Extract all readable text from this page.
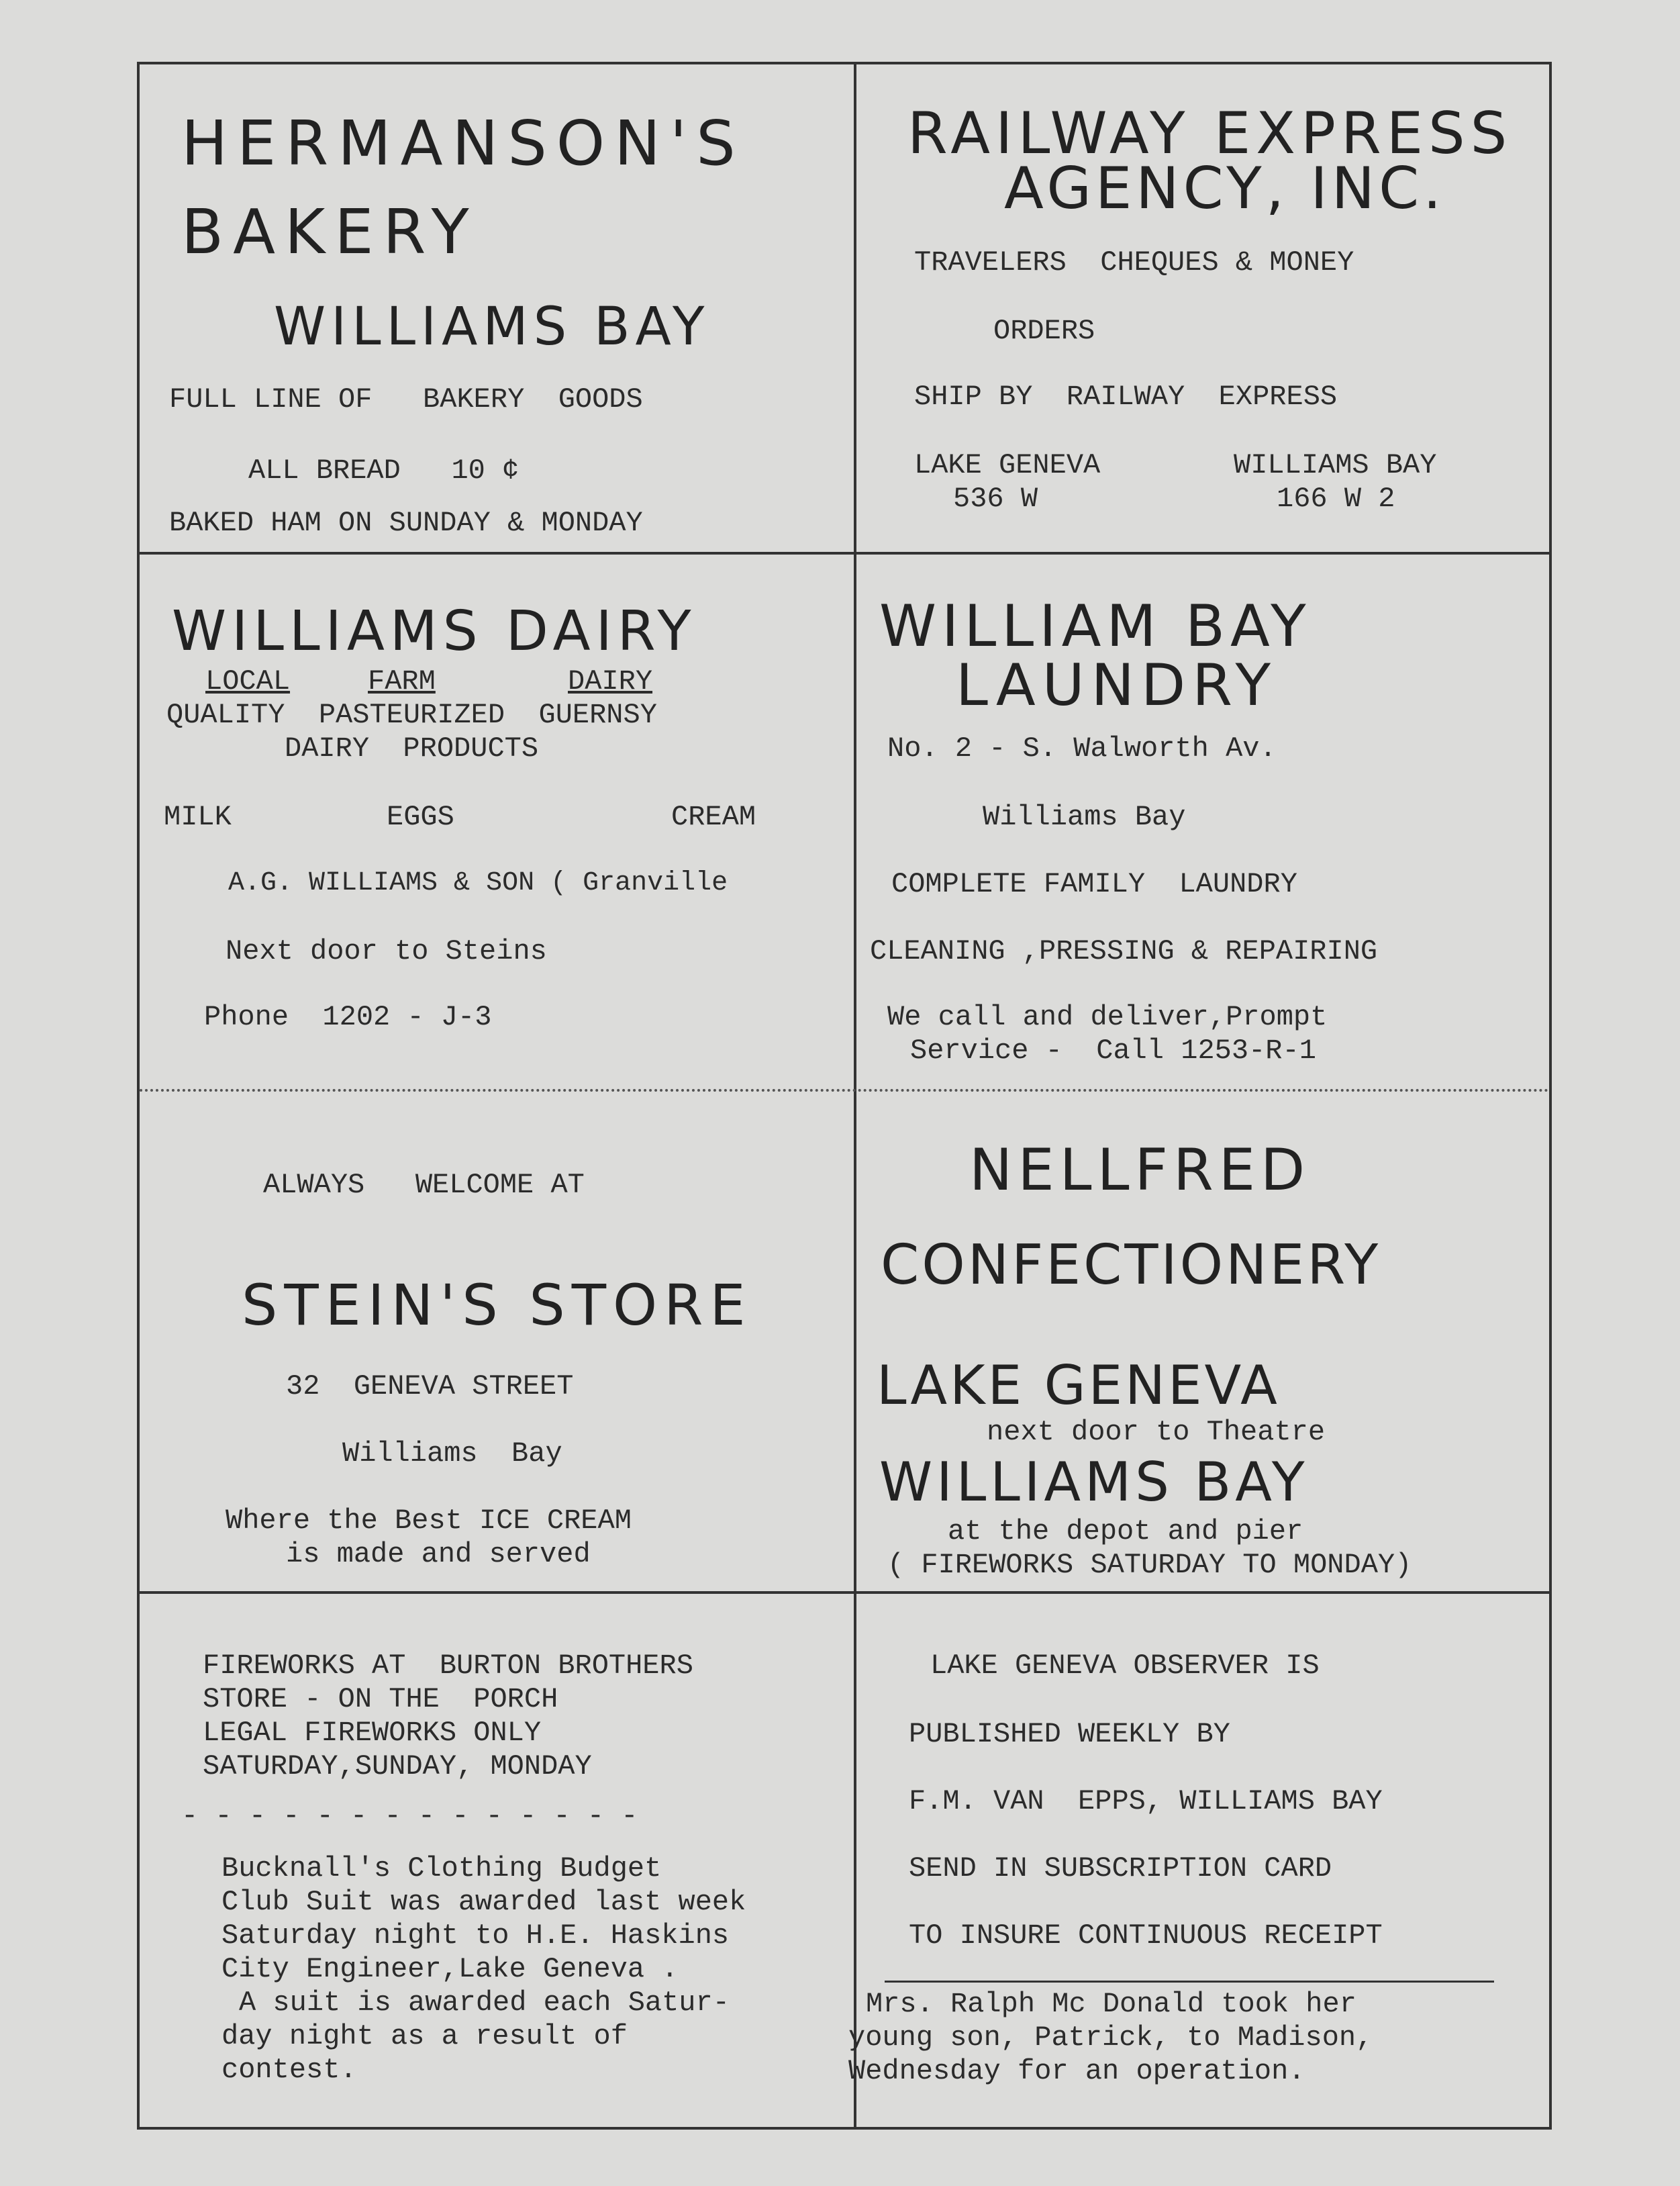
HERMANSON'S
BAKERY
WILLIAMS BAY
FULL LINE OF   BAKERY  GOODS
ALL BREAD   10 ¢
BAKED HAM ON SUNDAY & MONDAY
RAILWAY EXPRESS
AGENCY, INC.
TRAVELERS  CHEQUES & MONEY
ORDERS
SHIP BY  RAILWAY  EXPRESS
LAKE GENEVA
536 W
WILLIAMS BAY
166 W 2
WILLIAMS DAIRY
LOCAL	FARM	DAIRY
QUALITY  PASTEURIZED  GUERNSY
DAIRY  PRODUCTS
MILK	EGGS	CREAM
A.G. WILLIAMS & SON ( Granville
Next door to Steins
Phone  1202 - J-3
WILLIAM BAY
LAUNDRY
No. 2 - S. Walworth Av.
Williams Bay
COMPLETE FAMILY  LAUNDRY
CLEANING ,PRESSING & REPAIRING
We call and deliver,Prompt
Service -  Call 1253-R-1
ALWAYS   WELCOME AT
STEIN'S STORE
32  GENEVA STREET
Williams  Bay
Where the Best ICE CREAM
is made and served
NELLFRED
CONFECTIONERY
LAKE GENEVA
next door to Theatre
WILLIAMS BAY
at the depot and pier
( FIREWORKS SATURDAY TO MONDAY)
FIREWORKS AT  BURTON BROTHERS
STORE - ON THE  PORCH
LEGAL FIREWORKS ONLY
SATURDAY,SUNDAY, MONDAY
- - - - - - - - - - - - - -
Bucknall's Clothing Budget
Club Suit was awarded last week
Saturday night to H.E. Haskins
City Engineer,Lake Geneva .
A suit is awarded each Satur-
day night as a result of
contest.
LAKE GENEVA OBSERVER IS
PUBLISHED WEEKLY BY
F.M. VAN  EPPS, WILLIAMS BAY
SEND IN SUBSCRIPTION CARD
TO INSURE CONTINUOUS RECEIPT
Mrs. Ralph Mc Donald took her
young son, Patrick, to Madison,
Wednesday for an operation.
